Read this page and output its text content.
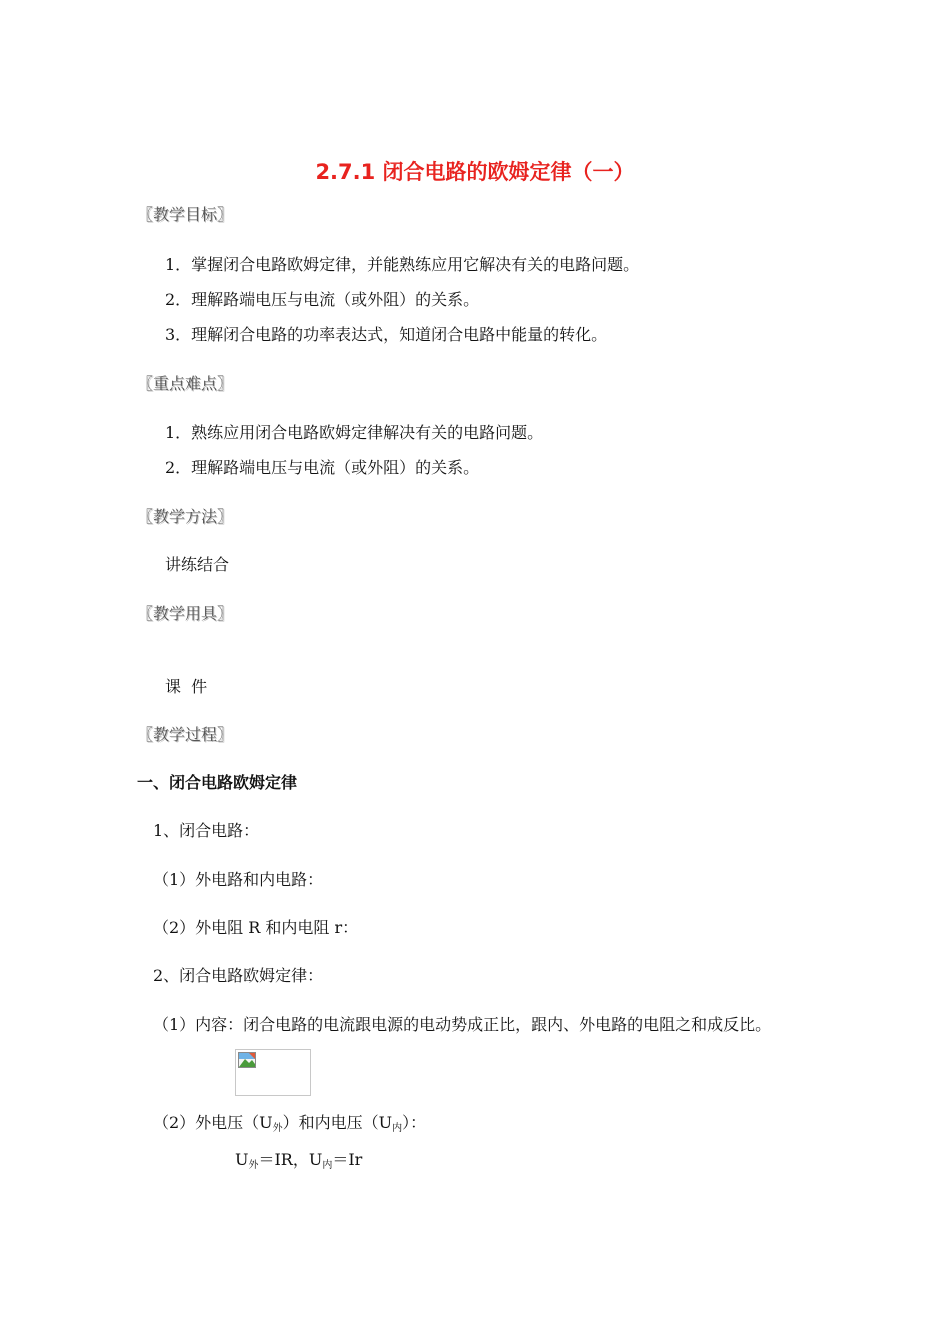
2.7.1 闭合电路的欧姆定律（一）
〖教学目标〗
1．掌握闭合电路欧姆定律，并能熟练应用它解决有关的电路问题。
2．理解路端电压与电流（或外阻）的关系。
3．理解闭合电路的功率表达式，知道闭合电路中能量的转化。
〖重点难点〗
1．熟练应用闭合电路欧姆定律解决有关的电路问题。
2．理解路端电压与电流（或外阻）的关系。
〖教学方法〗
讲练结合
〖教学用具〗
课  件
〖教学过程〗
一、闭合电路欧姆定律
1、闭合电路：
（1）外电路和内电路：
（2）外电阻 R 和内电阻 r：
2、闭合电路欧姆定律：
（1）内容：闭合电路的电流跟电源的电动势成正比，跟内、外电路的电阻之和成反比。
（2）外电压$(U_外)$和内电压$(U_内)$：
$U_外=IR$，$U_内=Ir$
